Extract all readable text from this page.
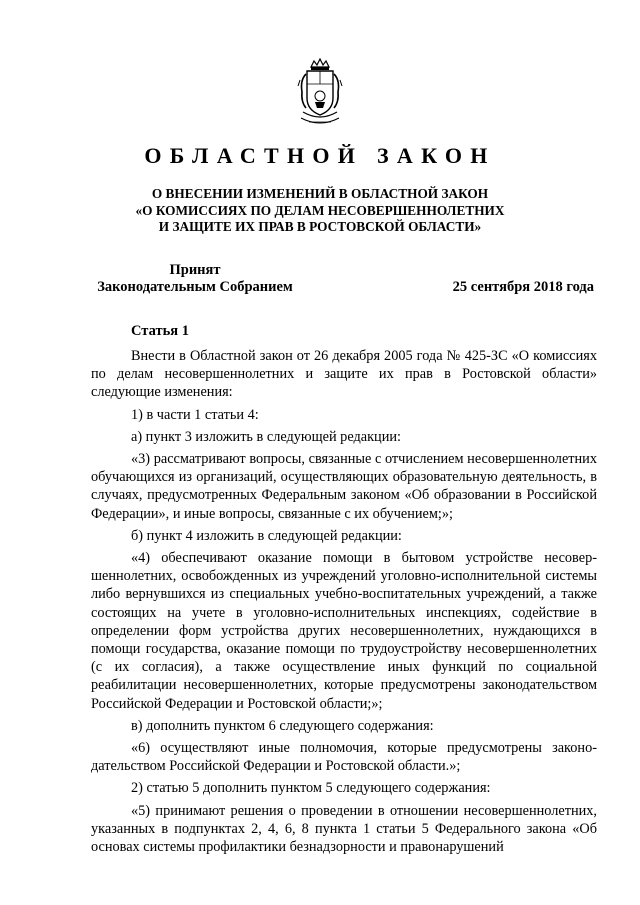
ОБЛАСТНОЙ ЗАКОН
О ВНЕСЕНИИ ИЗМЕНЕНИЙ В ОБЛАСТНОЙ ЗАКОН
«О КОМИССИЯХ ПО ДЕЛАМ НЕСОВЕРШЕННОЛЕТНИХ
И ЗАЩИТЕ ИХ ПРАВ В РОСТОВСКОЙ ОБЛАСТИ»
Принят
Законодательным Собранием	25 сентября 2018 года
Статья 1

Внести в Областной закон от 26 декабря 2005 года № 425-ЗС «О комиссиях по делам несовершеннолетних и защите их прав в Ростовской области» следующие изменения:

1) в части 1 статьи 4:

а) пункт 3 изложить в следующей редакции:

«3) рассматривают вопросы, связанные с отчислением несовершеннолетних обучающихся из организаций, осуществляющих образовательную деятельность, в случаях, предусмотренных Федеральным законом «Об образовании в Российской Федерации», и иные вопросы, связанные с их обучением;»;

б) пункт 4 изложить в следующей редакции:

«4) обеспечивают оказание помощи в бытовом устройстве несовершеннолетних, освобожденных из учреждений уголовно-исполнительной системы либо вернувшихся из специальных учебно-воспитательных учреждений, а также состоящих на учете в уголовно-исполнительных инспекциях, содействие в определении форм устройства других несовершеннолетних, нуждающихся в помощи государства, оказание помощи по трудоустройству несовершеннолетних (с их согласия), а также осуществление иных функций по социальной реабилитации несовершеннолетних, которые предусмотрены законодательством Российской Федерации и Ростовской области;»;

в) дополнить пунктом 6 следующего содержания:

«6) осуществляют иные полномочия, которые предусмотрены законодательством Российской Федерации и Ростовской области.»;

2) статью 5 дополнить пунктом 5 следующего содержания:

«5) принимают решения о проведении в отношении несовершеннолетних, указанных в подпунктах 2, 4, 6, 8 пункта 1 статьи 5 Федерального закона «Об основах системы профилактики безнадзорности и правонарушений
